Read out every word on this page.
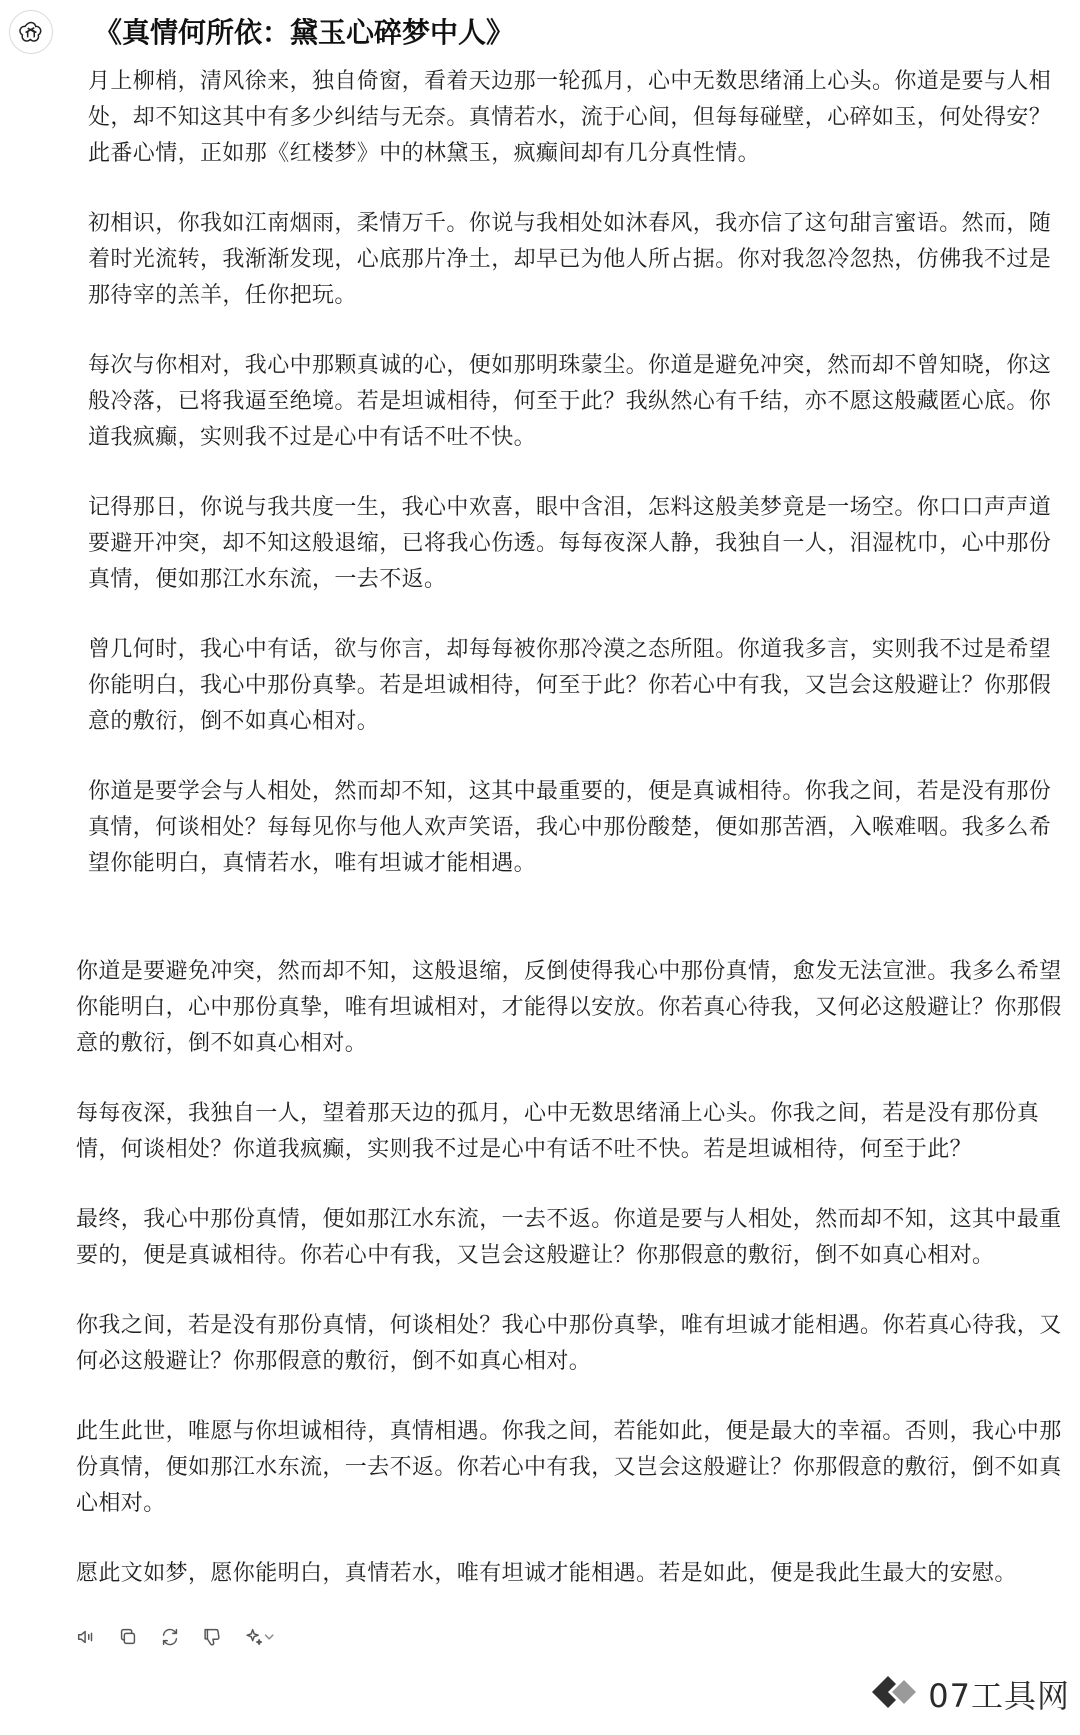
《真情何所依：黛玉心碎梦中人》

月上柳梢，清风徐来，独自倚窗，看着天边那一轮孤月，心中无数思绪涌上心头。你道是要与人相处，却不知这其中有多少纠结与无奈。真情若水，流于心间，但每每碰壁，心碎如玉，何处得安？此番心情，正如那《红楼梦》中的林黛玉，疯癫间却有几分真性情。

初相识，你我如江南烟雨，柔情万千。你说与我相处如沐春风，我亦信了这句甜言蜜语。然而，随着时光流转，我渐渐发现，心底那片净土，却早已为他人所占据。你对我忽冷忽热，仿佛我不过是那待宰的羔羊，任你把玩。

每次与你相对，我心中那颗真诚的心，便如那明珠蒙尘。你道是避免冲突，然而却不曾知晓，你这般冷落，已将我逼至绝境。若是坦诚相待，何至于此？我纵然心有千结，亦不愿这般藏匿心底。你道我疯癫，实则我不过是心中有话不吐不快。

记得那日，你说与我共度一生，我心中欢喜，眼中含泪，怎料这般美梦竟是一场空。你口口声声道要避开冲突，却不知这般退缩，已将我心伤透。每每夜深人静，我独自一人，泪湿枕巾，心中那份真情，便如那江水东流，一去不返。

曾几何时，我心中有话，欲与你言，却每每被你那冷漠之态所阻。你道我多言，实则我不过是希望你能明白，我心中那份真挚。若是坦诚相待，何至于此？你若心中有我，又岂会这般避让？你那假意的敷衍，倒不如真心相对。

你道是要学会与人相处，然而却不知，这其中最重要的，便是真诚相待。你我之间，若是没有那份真情，何谈相处？每每见你与他人欢声笑语，我心中那份酸楚，便如那苦酒，入喉难咽。我多么希望你能明白，真情若水，唯有坦诚才能相遇。

你道是要避免冲突，然而却不知，这般退缩，反倒使得我心中那份真情，愈发无法宣泄。我多么希望你能明白，心中那份真挚，唯有坦诚相对，才能得以安放。你若真心待我，又何必这般避让？你那假意的敷衍，倒不如真心相对。

每每夜深，我独自一人，望着那天边的孤月，心中无数思绪涌上心头。你我之间，若是没有那份真情，何谈相处？你道我疯癫，实则我不过是心中有话不吐不快。若是坦诚相待，何至于此？

最终，我心中那份真情，便如那江水东流，一去不返。你道是要与人相处，然而却不知，这其中最重要的，便是真诚相待。你若心中有我，又岂会这般避让？你那假意的敷衍，倒不如真心相对。

你我之间，若是没有那份真情，何谈相处？我心中那份真挚，唯有坦诚才能相遇。你若真心待我，又何必这般避让？你那假意的敷衍，倒不如真心相对。

此生此世，唯愿与你坦诚相待，真情相遇。你我之间，若能如此，便是最大的幸福。否则，我心中那份真情，便如那江水东流，一去不返。你若心中有我，又岂会这般避让？你那假意的敷衍，倒不如真心相对。

愿此文如梦，愿你能明白，真情若水，唯有坦诚才能相遇。若是如此，便是我此生最大的安慰。

07工具网
